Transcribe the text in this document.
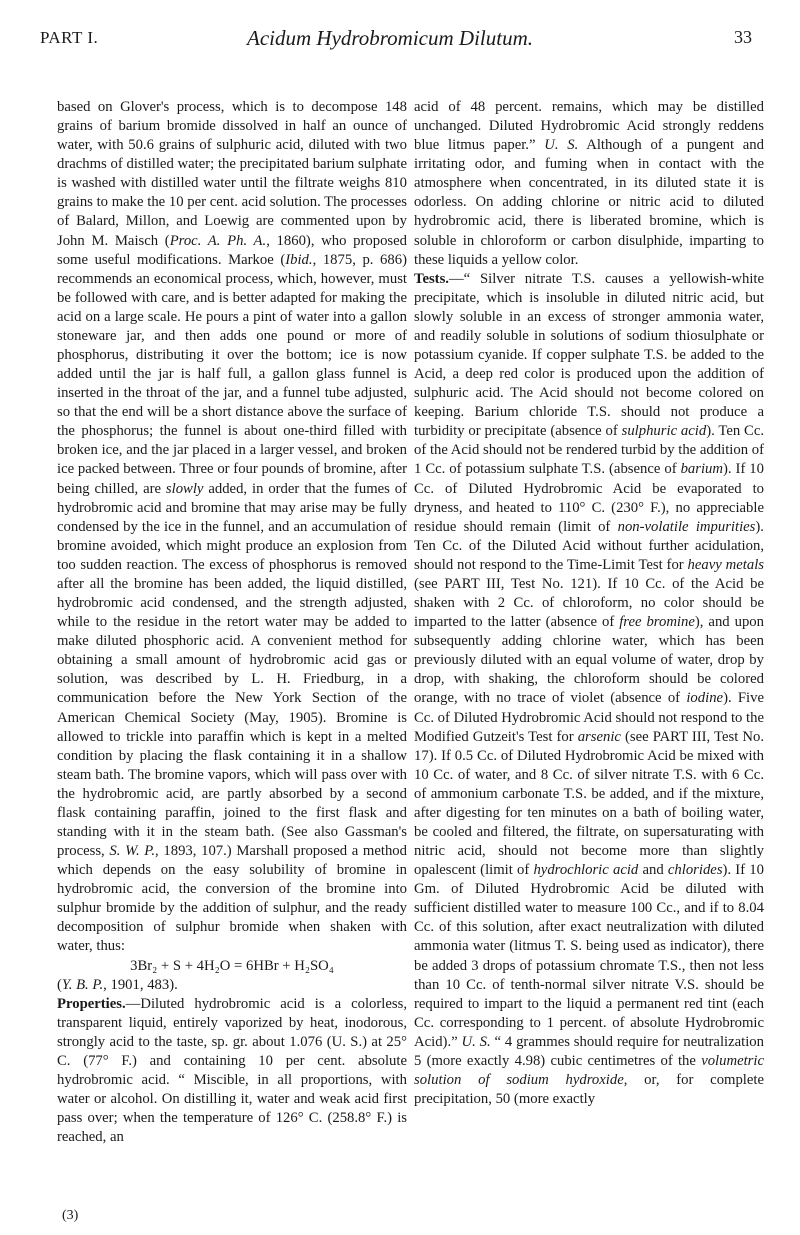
PART I.	Acidum Hydrobromicum Dilutum.	33

based on Glover's process, which is to decompose 148 grains of barium bromide dissolved in half an ounce of water, with 50.6 grains of sulphuric acid, diluted with two drachms of distilled water; the precipitated barium sulphate is washed with distilled water until the filtrate weighs 810 grains to make the 10 per cent. acid solution. The processes of Balard, Millon, and Loewig are commented upon by John M. Maisch (Proc. A. Ph. A., 1860), who proposed some useful modifications. Markoe (Ibid., 1875, p. 686) recommends an economical process, which, however, must be followed with care, and is better adapted for making the acid on a large scale. He pours a pint of water into a gallon stoneware jar, and then adds one pound or more of phosphorus, distributing it over the bottom; ice is now added until the jar is half full, a gallon glass funnel is inserted in the throat of the jar, and a funnel tube adjusted, so that the end will be a short distance above the surface of the phosphorus; the funnel is about one-third filled with broken ice, and the jar placed in a larger vessel, and broken ice packed between. Three or four pounds of bromine, after being chilled, are slowly added, in order that the fumes of hydrobromic acid and bromine that may arise may be fully condensed by the ice in the funnel, and an accumulation of bromine avoided, which might produce an explosion from too sudden reaction. The excess of phosphorus is removed after all the bromine has been added, the liquid distilled, hydrobromic acid condensed, and the strength adjusted, while to the residue in the retort water may be added to make diluted phosphoric acid. A convenient method for obtaining a small amount of hydrobromic acid gas or solution, was described by L. H. Friedburg, in a communication before the New York Section of the American Chemical Society (May, 1905). Bromine is allowed to trickle into paraffin which is kept in a melted condition by placing the flask containing it in a shallow steam bath. The bromine vapors, which will pass over with the hydrobromic acid, are partly absorbed by a second flask containing paraffin, joined to the first flask and standing with it in the steam bath. (See also Gassman's process, S. W. P., 1893, 107.) Marshall proposed a method which depends on the easy solubility of bromine in hydrobromic acid, the conversion of the bromine into sulphur bromide by the addition of sulphur, and the ready decomposition of sulphur bromide when shaken with water, thus:

3Br₂ + S + 4H₂O = 6HBr + H₂SO₄

(Y. B. P., 1901, 483).

Properties.—Diluted hydrobromic acid is a colorless, transparent liquid, entirely vaporized by heat, inodorous, strongly acid to the taste, sp. gr. about 1.076 (U. S.) at 25° C. (77° F.) and containing 10 per cent. absolute hydrobromic acid. “ Miscible, in all proportions, with water or alcohol. On distilling it, water and weak acid first pass over; when the temperature of 126° C. (258.8° F.) is reached, an

acid of 48 percent. remains, which may be distilled unchanged. Diluted Hydrobromic Acid strongly reddens blue litmus paper.” U. S. Although of a pungent and irritating odor, and fuming when in contact with the atmosphere when concentrated, in its diluted state it is odorless. On adding chlorine or nitric acid to diluted hydrobromic acid, there is liberated bromine, which is soluble in chloroform or carbon disulphide, imparting to these liquids a yellow color.

Tests.—“ Silver nitrate T.S. causes a yellowish-white precipitate, which is insoluble in diluted nitric acid, but slowly soluble in an excess of stronger ammonia water, and readily soluble in solutions of sodium thiosulphate or potassium cyanide. If copper sulphate T.S. be added to the Acid, a deep red color is produced upon the addition of sulphuric acid. The Acid should not become colored on keeping. Barium chloride T.S. should not produce a turbidity or precipitate (absence of sulphuric acid). Ten Cc. of the Acid should not be rendered turbid by the addition of 1 Cc. of potassium sulphate T.S. (absence of barium). If 10 Cc. of Diluted Hydrobromic Acid be evaporated to dryness, and heated to 110° C. (230° F.), no appreciable residue should remain (limit of non-volatile impurities). Ten Cc. of the Diluted Acid without further acidulation, should not respond to the Time-Limit Test for heavy metals (see PART III, Test No. 121). If 10 Cc. of the Acid be shaken with 2 Cc. of chloroform, no color should be imparted to the latter (absence of free bromine), and upon subsequently adding chlorine water, which has been previously diluted with an equal volume of water, drop by drop, with shaking, the chloroform should be colored orange, with no trace of violet (absence of iodine). Five Cc. of Diluted Hydrobromic Acid should not respond to the Modified Gutzeit's Test for arsenic (see PART III, Test No. 17). If 0.5 Cc. of Diluted Hydrobromic Acid be mixed with 10 Cc. of water, and 8 Cc. of silver nitrate T.S. with 6 Cc. of ammonium carbonate T.S. be added, and if the mixture, after digesting for ten minutes on a bath of boiling water, be cooled and filtered, the filtrate, on supersaturating with nitric acid, should not become more than slightly opalescent (limit of hydrochloric acid and chlorides). If 10 Gm. of Diluted Hydrobromic Acid be diluted with sufficient distilled water to measure 100 Cc., and if to 8.04 Cc. of this solution, after exact neutralization with diluted ammonia water (litmus T. S. being used as indicator), there be added 3 drops of potassium chromate T.S., then not less than 10 Cc. of tenth-normal silver nitrate V.S. should be required to impart to the liquid a permanent red tint (each Cc. corresponding to 1 percent. of absolute Hydrobromic Acid).” U. S. “ 4 grammes should require for neutralization 5 (more exactly 4.98) cubic centimetres of the volumetric solution of sodium hydroxide, or, for complete precipitation, 50 (more exactly

(3)
